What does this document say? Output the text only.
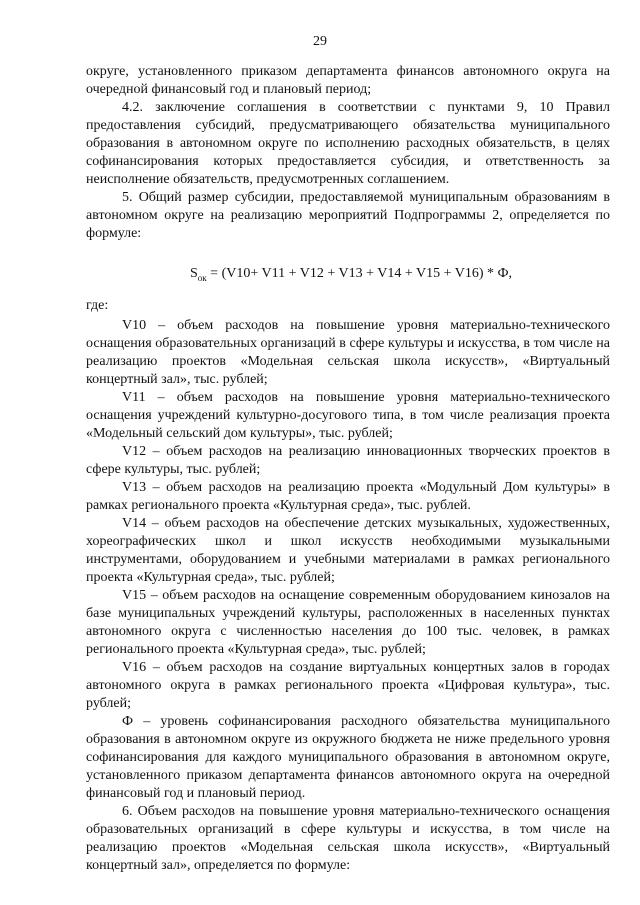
29

округе, установленного приказом департамента финансов автономного округа на очередной финансовый год и плановый период;

4.2. заключение соглашения в соответствии с пунктами 9, 10 Правил предоставления субсидий, предусматривающего обязательства муниципального образования в автономном округе по исполнению расходных обязательств, в целях софинансирования которых предоставляется субсидия, и ответственность за неисполнение обязательств, предусмотренных соглашением.

5. Общий размер субсидии, предоставляемой муниципальным образованиям в автономном округе на реализацию мероприятий Подпрограммы 2, определяется по формуле:

$S_{ок} = (V10+ V11 + V12 + V13 + V14 + V15 + V16) * Ф$,

где:

V10 – объем расходов на повышение уровня материально-технического оснащения образовательных организаций в сфере культуры и искусства, в том числе на реализацию проектов «Модельная сельская школа искусств», «Виртуальный концертный зал», тыс. рублей;

V11 – объем расходов на повышение уровня материально-технического оснащения учреждений культурно-досугового типа, в том числе реализация проекта «Модельный сельский дом культуры», тыс. рублей;

V12 – объем расходов на реализацию инновационных творческих проектов в сфере культуры, тыс. рублей;

V13 – объем расходов на реализацию проекта «Модульный Дом культуры» в рамках регионального проекта «Культурная среда», тыс. рублей.

V14 – объем расходов на обеспечение детских музыкальных, художественных, хореографических школ и школ искусств необходимыми музыкальными инструментами, оборудованием и учебными материалами в рамках регионального проекта «Культурная среда», тыс. рублей;

V15 – объем расходов на оснащение современным оборудованием кинозалов на базе муниципальных учреждений культуры, расположенных в населенных пунктах автономного округа с численностью населения до 100 тыс. человек, в рамках регионального проекта «Культурная среда», тыс. рублей;

V16 – объем расходов на создание виртуальных концертных залов в городах автономного округа в рамках регионального проекта «Цифровая культура», тыс. рублей;

Ф – уровень софинансирования расходного обязательства муниципального образования в автономном округе из окружного бюджета не ниже предельного уровня софинансирования для каждого муниципального образования в автономном округе, установленного приказом департамента финансов автономного округа на очередной финансовый год и плановый период.

6. Объем расходов на повышение уровня материально-технического оснащения образовательных организаций в сфере культуры и искусства, в том числе на реализацию проектов «Модельная сельская школа искусств», «Виртуальный концертный зал», определяется по формуле:
